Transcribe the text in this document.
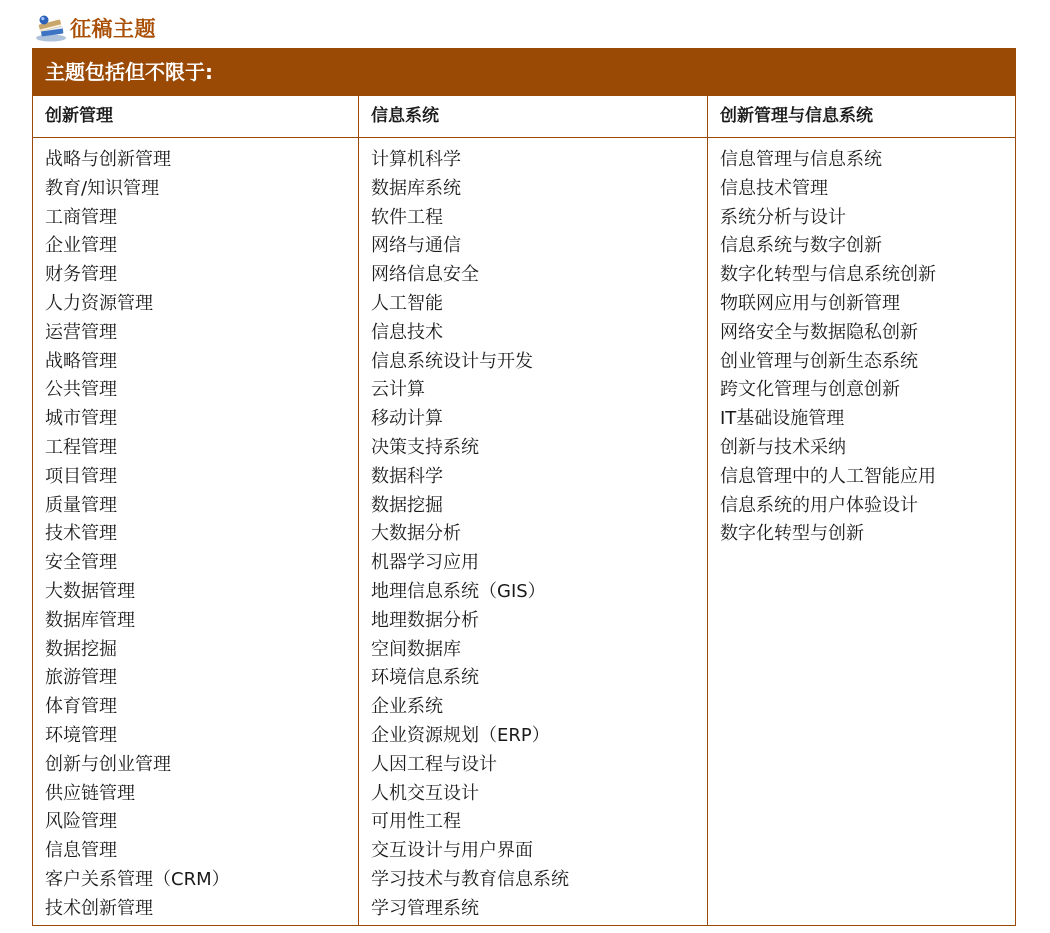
征稿主题
主题包括但不限于:
创新管理	信息系统	创新管理与信息系统
战略与创新管理
教育/知识管理
工商管理
企业管理
财务管理
人力资源管理
运营管理
战略管理
公共管理
城市管理
工程管理
项目管理
质量管理
技术管理
安全管理
大数据管理
数据库管理
数据挖掘
旅游管理
体育管理
环境管理
创新与创业管理
供应链管理
风险管理
信息管理
客户关系管理（CRM）
技术创新管理
计算机科学
数据库系统
软件工程
网络与通信
网络信息安全
人工智能
信息技术
信息系统设计与开发
云计算
移动计算
决策支持系统
数据科学
数据挖掘
大数据分析
机器学习应用
地理信息系统（GIS）
地理数据分析
空间数据库
环境信息系统
企业系统
企业资源规划（ERP）
人因工程与设计
人机交互设计
可用性工程
交互设计与用户界面
学习技术与教育信息系统
学习管理系统
信息管理与信息系统
信息技术管理
系统分析与设计
信息系统与数字创新
数字化转型与信息系统创新
物联网应用与创新管理
网络安全与数据隐私创新
创业管理与创新生态系统
跨文化管理与创意创新
IT基础设施管理
创新与技术采纳
信息管理中的人工智能应用
信息系统的用户体验设计
数字化转型与创新
